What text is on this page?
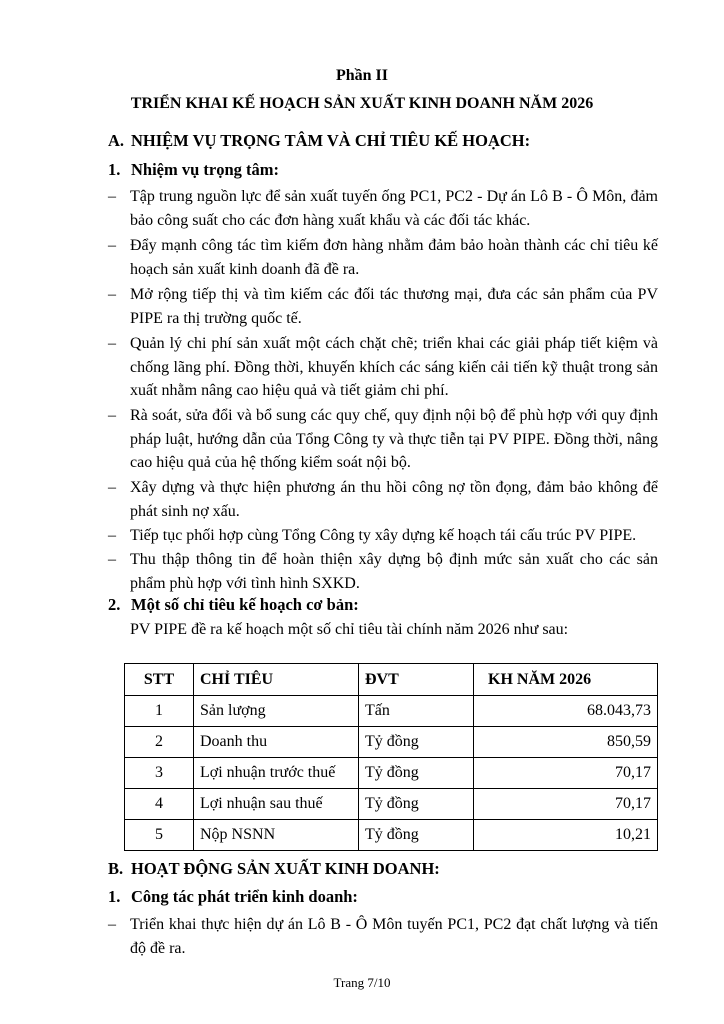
Phần II
TRIỂN KHAI KẾ HOẠCH SẢN XUẤT KINH DOANH NĂM 2026
A. NHIỆM VỤ TRỌNG TÂM VÀ CHỈ TIÊU KẾ HOẠCH:
1. Nhiệm vụ trọng tâm:
– Tập trung nguồn lực để sản xuất tuyến ống PC1, PC2 - Dự án Lô B - Ô Môn, đảm bảo công suất cho các đơn hàng xuất khẩu và các đối tác khác.
– Đẩy mạnh công tác tìm kiếm đơn hàng nhằm đảm bảo hoàn thành các chỉ tiêu kế hoạch sản xuất kinh doanh đã đề ra.
– Mở rộng tiếp thị và tìm kiếm các đối tác thương mại, đưa các sản phẩm của PV PIPE ra thị trường quốc tế.
– Quản lý chi phí sản xuất một cách chặt chẽ; triển khai các giải pháp tiết kiệm và chống lãng phí. Đồng thời, khuyến khích các sáng kiến cải tiến kỹ thuật trong sản xuất nhằm nâng cao hiệu quả và tiết giảm chi phí.
– Rà soát, sửa đổi và bổ sung các quy chế, quy định nội bộ để phù hợp với quy định pháp luật, hướng dẫn của Tổng Công ty và thực tiễn tại PV PIPE. Đồng thời, nâng cao hiệu quả của hệ thống kiểm soát nội bộ.
– Xây dựng và thực hiện phương án thu hồi công nợ tồn đọng, đảm bảo không để phát sinh nợ xấu.
– Tiếp tục phối hợp cùng Tổng Công ty xây dựng kế hoạch tái cấu trúc PV PIPE.
– Thu thập thông tin để hoàn thiện xây dựng bộ định mức sản xuất cho các sản phẩm phù hợp với tình hình SXKD.
2. Một số chỉ tiêu kế hoạch cơ bản:
PV PIPE đề ra kế hoạch một số chỉ tiêu tài chính năm 2026 như sau:
STT	CHỈ TIÊU	ĐVT	KH NĂM 2026
1	Sản lượng	Tấn	68.043,73
2	Doanh thu	Tỷ đồng	850,59
3	Lợi nhuận trước thuế	Tỷ đồng	70,17
4	Lợi nhuận sau thuế	Tỷ đồng	70,17
5	Nộp NSNN	Tỷ đồng	10,21
B. HOẠT ĐỘNG SẢN XUẤT KINH DOANH:
1. Công tác phát triển kinh doanh:
– Triển khai thực hiện dự án Lô B - Ô Môn tuyến PC1, PC2 đạt chất lượng và tiến độ đề ra.
Trang 7/10
